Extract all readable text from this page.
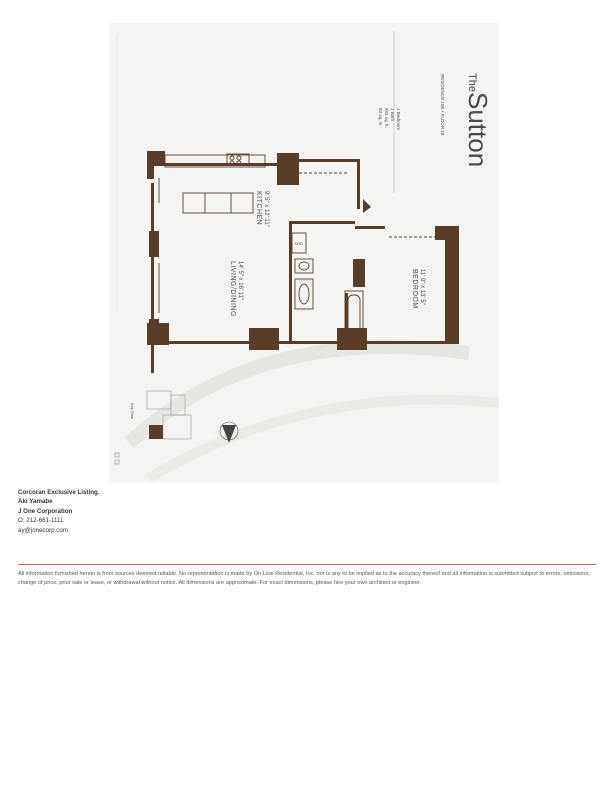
The
Sutton
RESIDENCE 18E • FLOOR 18
1 Bedroom
1 Bath
893 sq. ft.
83 sq. m.
W/D
KITCHEN 9' 5" x 12' 11"
LIVING/DINING 14' 5" x 16' 11"	BEDROOM 11' 9" x 13' 5"
Key Plan
Corcoran Exclusive Listing.
Aki Yamabe
J One Corporation
O: 212-661-1111
ay@jonecorp.com
All information furnished herein is from sources deemed reliable. No representation is made by On-Line Residential, Inc. nor is any to be implied as to the accuracy thereof and all information is submitted subject to errors, omissions, change of price, prior sale or lease, or withdrawal without notice. All dimensions are approximate. For exact dimensions, please hire your own architect or engineer.
